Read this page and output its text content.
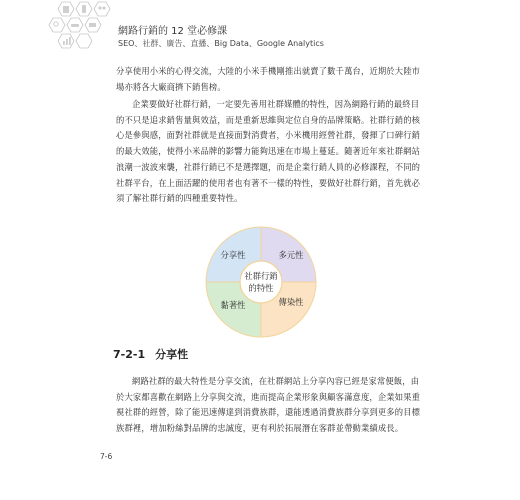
網路行銷的 12 堂必修課
SEO、社群、廣告、直播、Big Data、Google Analytics

分享使用小米的心得交流，大陸的小米手機剛推出就賣了數千萬台，近期於大陸市場亦將各大廠商擠下銷售榜。

企業要做好社群行銷，一定要先善用社群媒體的特性，因為網路行銷的最終目的不只是追求銷售量與效益，而是重新思維與定位自身的品牌策略。社群行銷的核心是參與感，面對社群就是直接面對消費者，小米機用經營社群，發揮了口碑行銷的最大效能，使得小米品牌的影響力能夠迅速在市場上蔓延。隨著近年來社群網站浪潮一波波來襲，社群行銷已不是選擇題，而是企業行銷人員的必修課程，不同的社群平台，在上面活躍的使用者也有著不一樣的特性，要做好社群行銷，首先就必須了解社群行銷的四種重要特性。

社群行銷
的特性
分享性	多元性
黏著性	傳染性
7-2-1 分享性

網路社群的最大特性是分享交流，在社群網站上分享內容已經是家常便飯，由於大家都喜歡在網路上分享與交流，進而提高企業形象與顧客滿意度，企業如果重視社群的經營，除了能迅速傳達到消費族群，還能透過消費族群分享到更多的目標族群裡，增加粉絲對品牌的忠誠度，更有利於拓展潛在客群並帶動業績成長。

7-6
